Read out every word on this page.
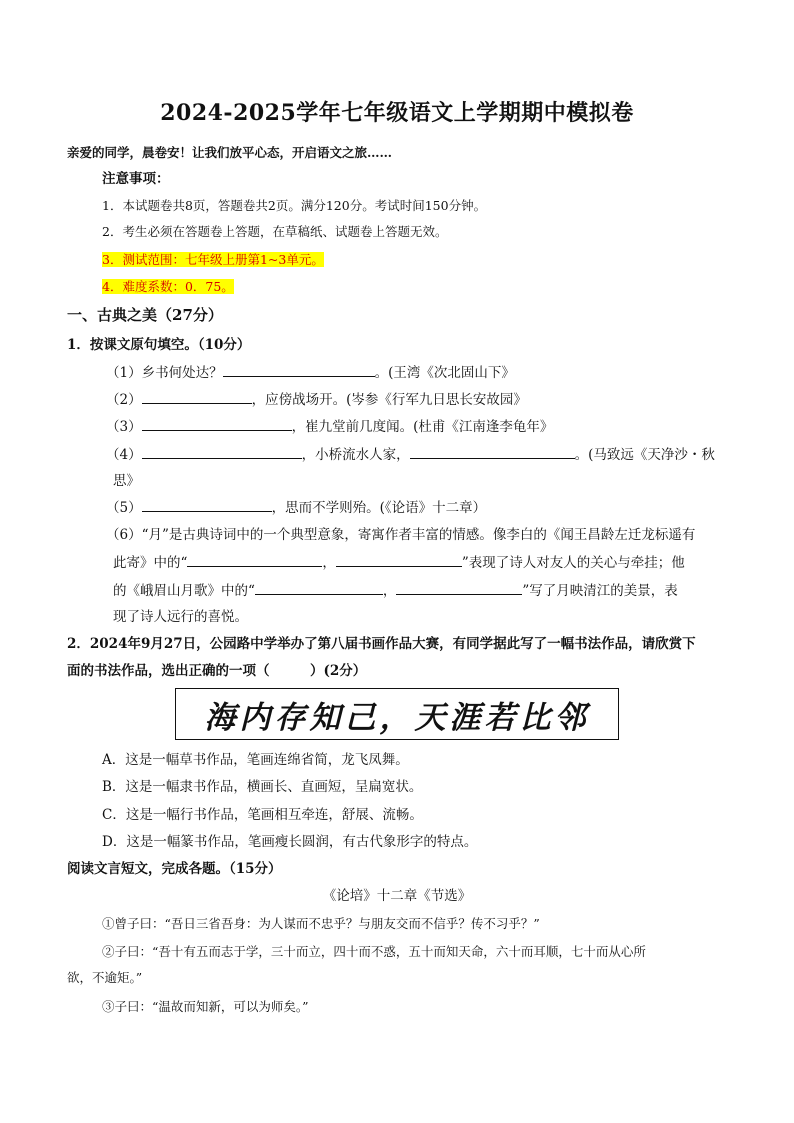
2024-2025学年七年级语文上学期期中模拟卷
亲爱的同学，晨卷安！让我们放平心态，开启语文之旅……
注意事项：
1．本试题卷共8页，答题卷共2页。满分120分。考试时间150分钟。
2．考生必须在答题卷上答题，在草稿纸、试题卷上答题无效。
3．测试范围：七年级上册第1~3单元。
4．难度系数：0．75。
一、古典之美（27分）
1．按课文原句填空。（10分）
（1）乡书何处达？	。(王湾《次北固山下》
（2）	，应傍战场开。(岑参《行军九日思长安故园》
（3）	，崔九堂前几度闻。(杜甫《江南逢李龟年》
（4）	，小桥流水人家，	。(马致远《天净沙・秋
思》
（5）	，思而不学则殆。(《论语》十二章）
（6）“月”是古典诗词中的一个典型意象，寄寓作者丰富的情感。像李白的《闻王昌龄左迁龙标遥有
此寄》中的“	，	”表现了诗人对友人的关心与牵挂；他
的《峨眉山月歌》中的“	，	”写了月映清江的美景，表
现了诗人远行的喜悦。
2．2024年9月27日，公园路中学举办了第八届书画作品大赛，有同学据此写了一幅书法作品，请欣赏下
面的书法作品，选出正确的一项（　　　）(2分）
海内存知己，天涯若比邻
A．这是一幅草书作品，笔画连绵省简，龙飞凤舞。
B．这是一幅隶书作品，横画长、直画短，呈扁宽状。
C．这是一幅行书作品，笔画相互牵连，舒展、流畅。
D．这是一幅篆书作品，笔画瘦长圆润，有古代象形字的特点。
阅读文言短文，完成各题。（15分）
《论培》十二章《节选》
①曾子曰：“吾日三省吾身：为人谋而不忠乎？与朋友交而不信乎？传不习乎？”
②子曰：“吾十有五而志于学，三十而立，四十而不惑，五十而知天命，六十而耳顺，七十而从心所
欲，不逾矩。”
③子曰：“温故而知新，可以为师矣。”
